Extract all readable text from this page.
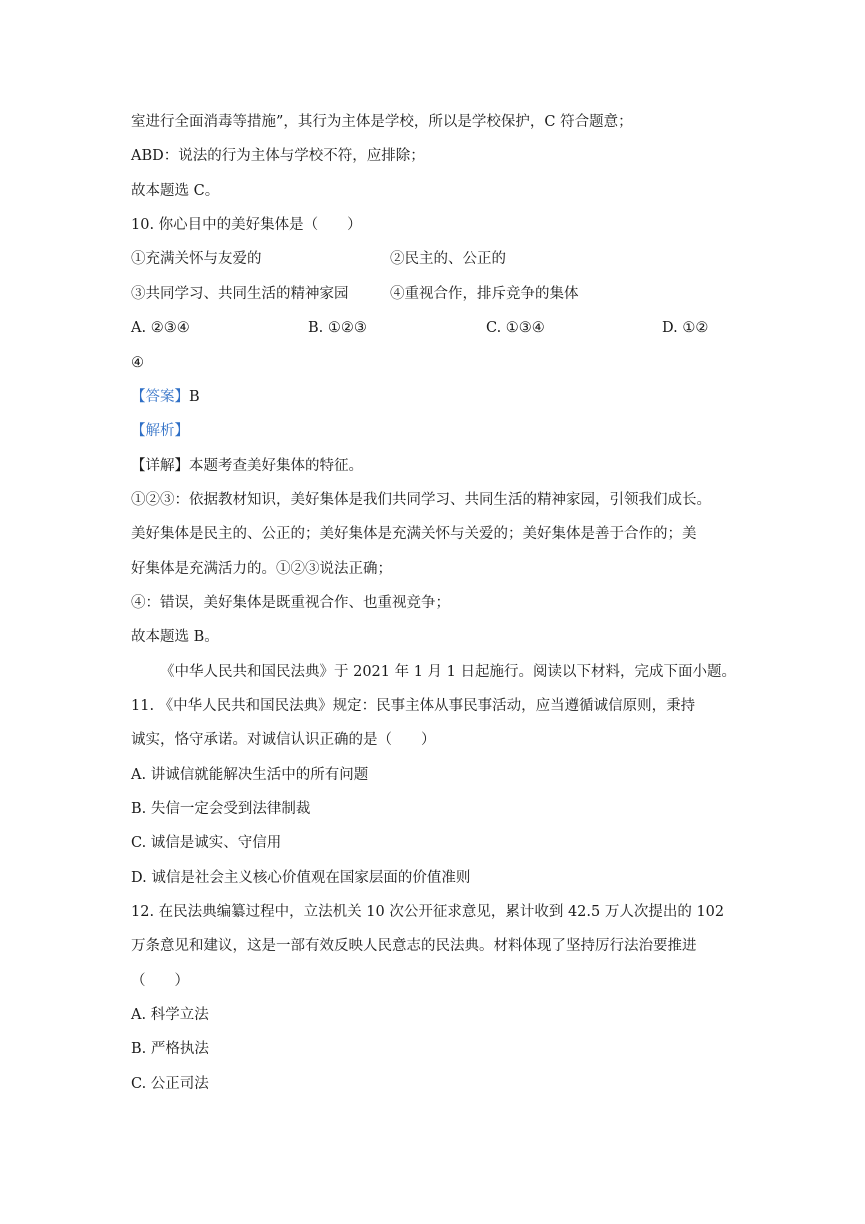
室进行全面消毒等措施”，其行为主体是学校，所以是学校保护，C 符合题意；
ABD：说法的行为主体与学校不符，应排除；
故本题选 C。
10. 你心目中的美好集体是（　　）
①充满关怀与友爱的	②民主的、公正的
③共同学习、共同生活的精神家园	④重视合作，排斥竞争的集体
A. ②③④	B. ①②③	C. ①③④	D. ①②
④
【答案】B
【解析】
【详解】本题考查美好集体的特征。
①②③：依据教材知识，美好集体是我们共同学习、共同生活的精神家园，引领我们成长。
美好集体是民主的、公正的；美好集体是充满关怀与关爱的；美好集体是善于合作的；美
好集体是充满活力的。①②③说法正确；
④：错误，美好集体是既重视合作、也重视竞争；
故本题选 B。
《中华人民共和国民法典》于 2021 年 1 月 1 日起施行。阅读以下材料，完成下面小题。
11. 《中华人民共和国民法典》规定：民事主体从事民事活动，应当遵循诚信原则，秉持
诚实，恪守承诺。对诚信认识正确的是（　　）
A. 讲诚信就能解决生活中的所有问题
B. 失信一定会受到法律制裁
C. 诚信是诚实、守信用
D. 诚信是社会主义核心价值观在国家层面的价值准则
12. 在民法典编纂过程中，立法机关 10 次公开征求意见，累计收到 42.5 万人次提出的 102
万条意见和建议，这是一部有效反映人民意志的民法典。材料体现了坚持厉行法治要推进
（　　）
A. 科学立法
B. 严格执法
C. 公正司法
